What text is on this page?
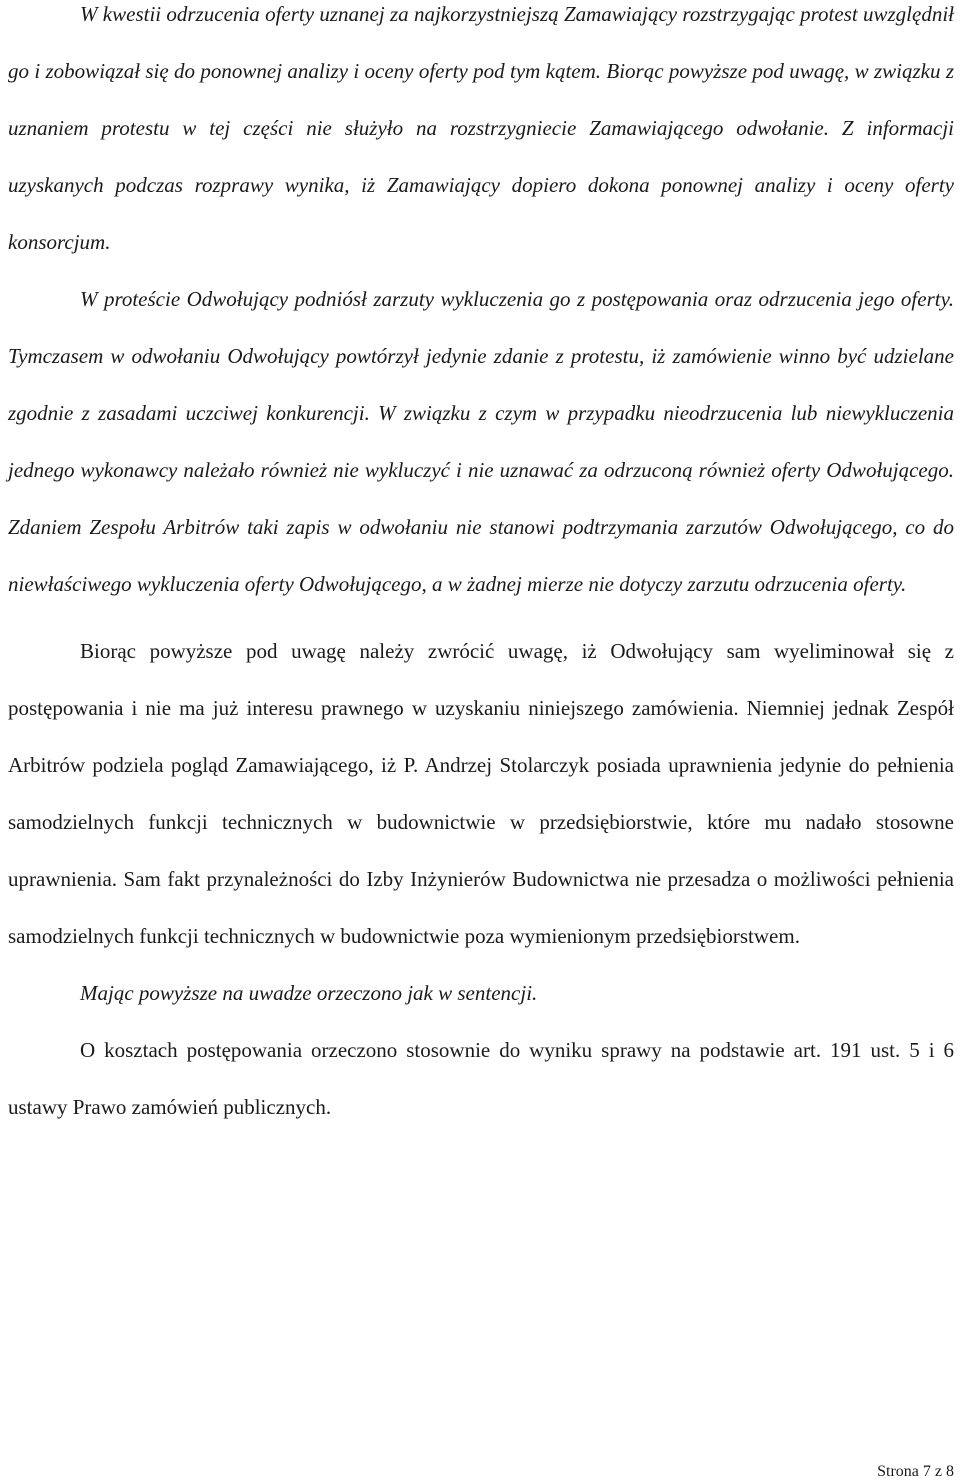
W kwestii odrzucenia oferty uznanej za najkorzystniejszą Zamawiający rozstrzygając protest uwzględnił go i zobowiązał się do ponownej analizy i oceny oferty pod tym kątem. Biorąc powyższe pod uwagę, w związku z uznaniem protestu w tej części nie służyło na rozstrzygniecie Zamawiającego odwołanie. Z informacji uzyskanych podczas rozprawy wynika, iż Zamawiający dopiero dokona ponownej analizy i oceny oferty konsorcjum.

W proteście Odwołujący podniósł zarzuty wykluczenia go z postępowania oraz odrzucenia jego oferty. Tymczasem w odwołaniu Odwołujący powtórzył jedynie zdanie z protestu, iż zamówienie winno być udzielane zgodnie z zasadami uczciwej konkurencji. W związku z czym w przypadku nieodrzucenia lub niewykluczenia jednego wykonawcy należało również nie wykluczyć i nie uznawać za odrzuconą również oferty Odwołującego. Zdaniem Zespołu Arbitrów taki zapis w odwołaniu nie stanowi podtrzymania zarzutów Odwołującego, co do niewłaściwego wykluczenia oferty Odwołującego, a w żadnej mierze nie dotyczy zarzutu odrzucenia oferty.

Biorąc powyższe pod uwagę należy zwrócić uwagę, iż Odwołujący sam wyeliminował się z postępowania i nie ma już interesu prawnego w uzyskaniu niniejszego zamówienia. Niemniej jednak Zespół Arbitrów podziela pogląd Zamawiającego, iż P. Andrzej Stolarczyk posiada uprawnienia jedynie do pełnienia samodzielnych funkcji technicznych w budownictwie w przedsiębiorstwie, które mu nadało stosowne uprawnienia. Sam fakt przynależności do Izby Inżynierów Budownictwa nie przesadza o możliwości pełnienia samodzielnych funkcji technicznych w budownictwie poza wymienionym przedsiębiorstwem.

Mając powyższe na uwadze orzeczono jak w sentencji.

O kosztach postępowania orzeczono stosownie do wyniku sprawy na podstawie art. 191 ust. 5 i 6 ustawy Prawo zamówień publicznych.

Strona 7 z 8
